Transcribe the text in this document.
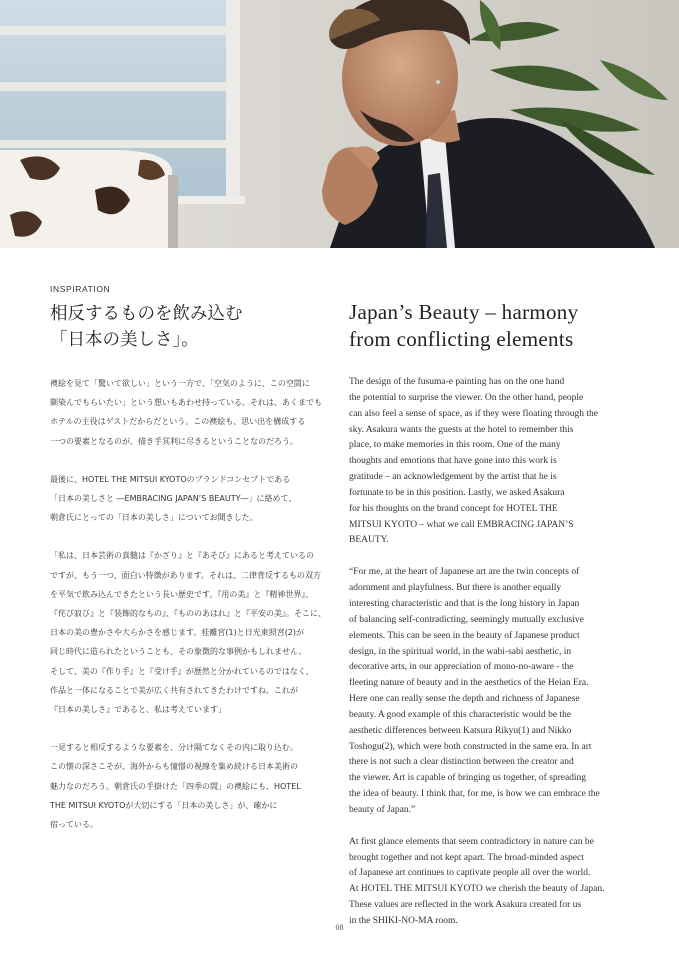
INSPIRATION
相反するものを飲み込む
「日本の美しさ」。
Japan’s Beauty – harmony
from conflicting elements

襖絵を見て「驚いて欲しい」という一方で、「空気のように、この空間に
馴染んでもらいたい」という想いもあわせ持っている。それは、あくまでも
ホテルの主役はゲストだからだという。この襖絵も、思い出を構成する
一つの要素となるのが、描き手冥利に尽きるということなのだろう。

最後に、HOTEL THE MITSUI KYOTOのブランドコンセプトである
「日本の美しさと ―EMBRACING JAPAN’S BEAUTY―」に絡めて、
朝倉氏にとっての「日本の美しさ」についてお聞きした。

「私は、日本芸術の真髄は『かざり』と『あそび』にあると考えているの
ですが、もう一つ、面白い特徴があります。それは、二律背反するもの双方
を平気で飲み込んできたという長い歴史です。『用の美』と『精神世界』、
『侘び寂び』と『装飾的なもの』、『もののあはれ』と『平安の美』。そこに、
日本の美の豊かさや大らかさを感じます。桂離宮(1)と日光東照宮(2)が
同じ時代に造られたということも、その象徴的な事例かもしれません。
そして、美の『作り手』と『受け手』が歴然と分かれているのではなく、
作品と一体になることで美が広く共有されてきたわけですね。これが
『日本の美しさ』であると、私は考えています」

一見すると相反するような要素を、分け隔てなくその内に取り込む。
この懐の深さこそが、海外からも憧憬の視線を集め続ける日本美術の
魅力なのだろう。朝倉氏の手掛けた「四季の間」の襖絵にも、HOTEL
THE MITSUI KYOTOが大切にする「日本の美しさ」が、確かに
宿っている。

The design of the fusuma-e painting has on the one hand
the potential to surprise the viewer. On the other hand, people
can also feel a sense of space, as if they were floating through the
sky. Asakura wants the guests at the hotel to remember this
place, to make memories in this room. One of the many
thoughts and emotions that have gone into this work is
gratitude – an acknowledgement by the artist that he is
fortunate to be in this position. Lastly, we asked Asakura
for his thoughts on the brand concept for HOTEL THE
MITSUI KYOTO – what we call EMBRACING JAPAN’S
BEAUTY.

“For me, at the heart of Japanese art are the twin concepts of
adornment and playfulness. But there is another equally
interesting characteristic and that is the long history in Japan
of balancing self-contradicting, seemingly mutually exclusive
elements. This can be seen in the beauty of Japanese product
design, in the spiritual world, in the wabi-sabi aesthetic, in
decorative arts, in our appreciation of mono-no-aware - the
fleeting nature of beauty and in the aesthetics of the Heian Era.
Here one can really sense the depth and richness of Japanese
beauty. A good example of this characteristic would be the
aesthetic differences between Katsura Rikyu(1) and Nikko
Toshogu(2), which were both constructed in the same era. In art
there is not such a clear distinction between the creator and
the viewer. Art is capable of bringing us together, of spreading
the idea of beauty. I think that, for me, is how we can embrace the
beauty of Japan.”

At first glance elements that seem contradictory in nature can be
brought together and not kept apart. The broad-minded aspect
of Japanese art continues to captivate people all over the world.
At HOTEL THE MITSUI KYOTO we cherish the beauty of Japan.
These values are reflected in the work Asakura created for us
in the SHIKI-NO-MA room.

08
